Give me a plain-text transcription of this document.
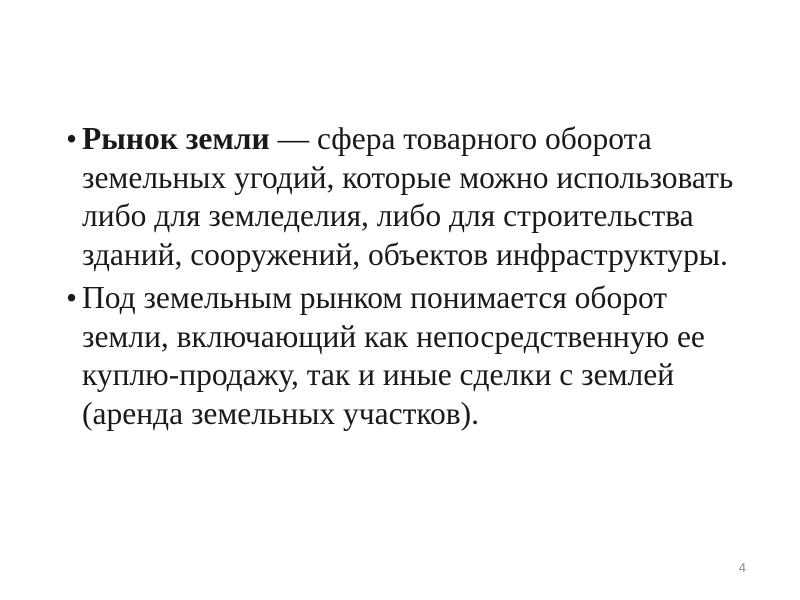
• Рынок земли — сфера товарного оборота земельных угодий, которые можно использовать либо для земледелия, либо для строительства зданий, сооружений, объектов инфраструктуры.
• Под земельным рынком понимается оборот земли, включающий как непосредственную ее куплю-продажу, так и иные сделки с землей (аренда земельных участков).
4
